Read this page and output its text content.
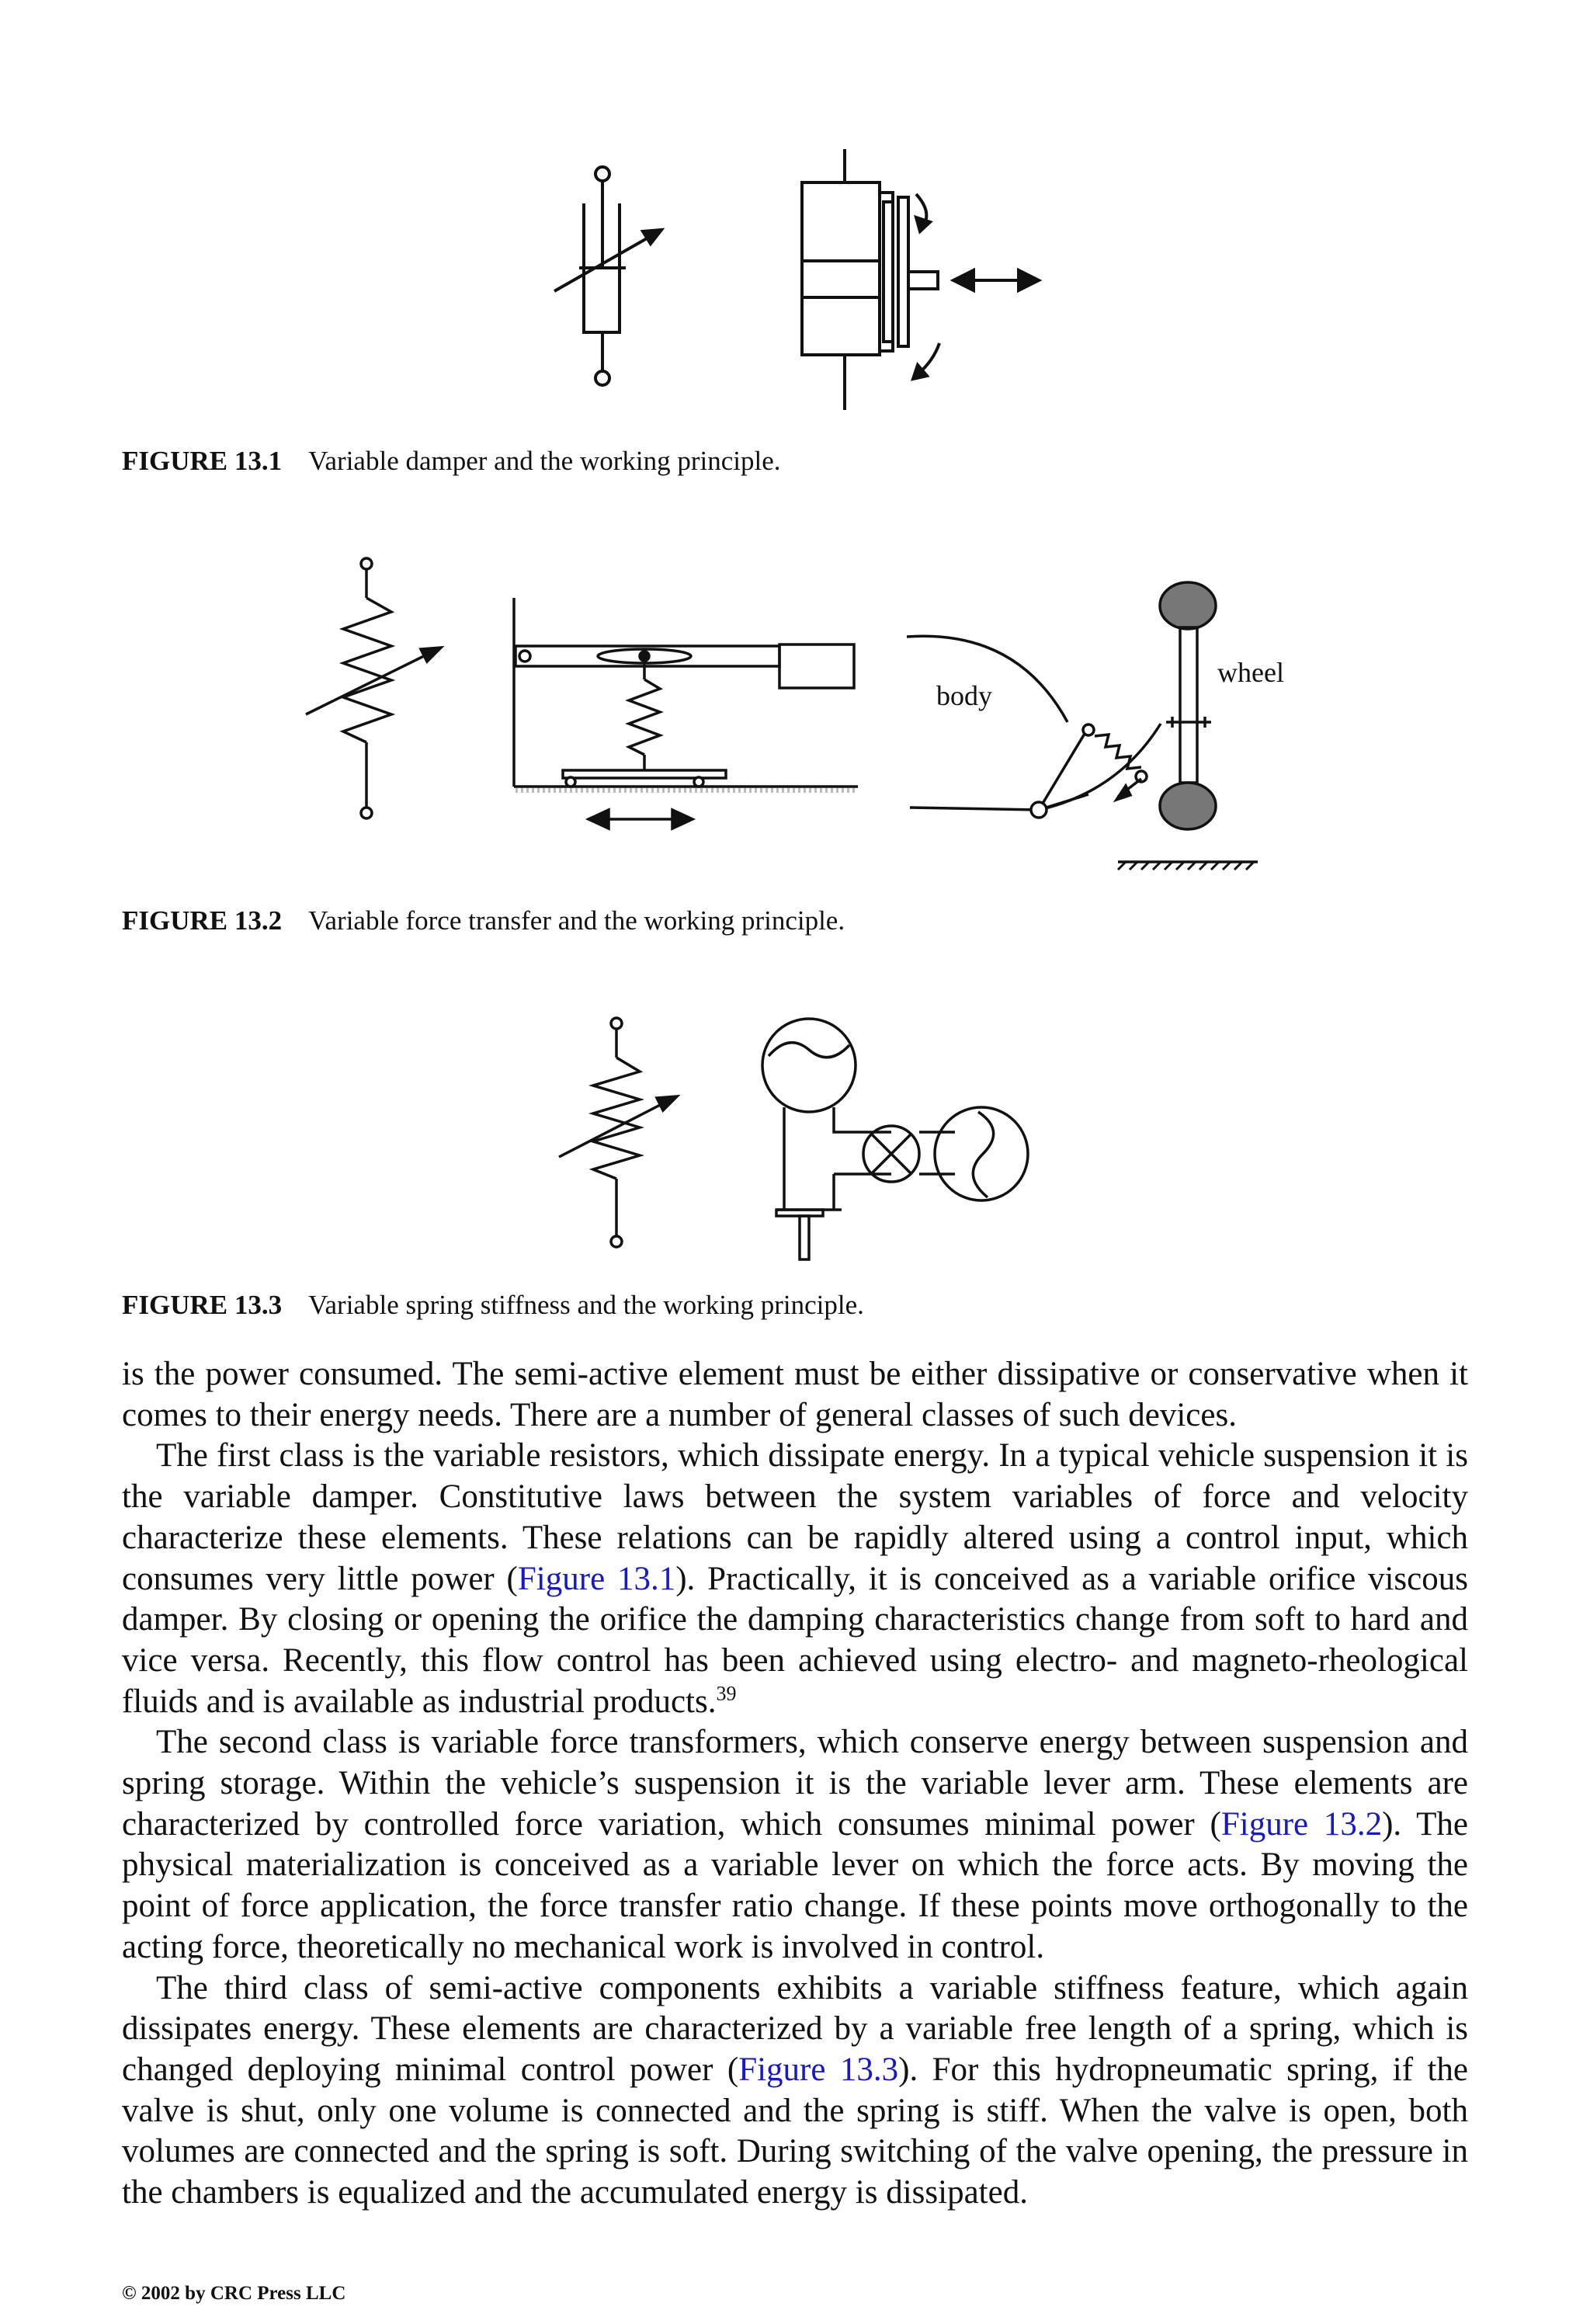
FIGURE 13.1 Variable damper and the working principle.
body
wheel
FIGURE 13.2 Variable force transfer and the working principle.
FIGURE 13.3 Variable spring stiffness and the working principle.

is the power consumed. The semi-active element must be either dissipative or conservative when it comes to their energy needs. There are a number of general classes of such devices.

The first class is the variable resistors, which dissipate energy. In a typical vehicle suspension it is the variable damper. Constitutive laws between the system variables of force and velocity characterize these elements. These relations can be rapidly altered using a control input, which consumes very little power (Figure 13.1). Practically, it is conceived as a variable orifice viscous damper. By closing or opening the orifice the damping characteristics change from soft to hard and vice versa. Recently, this flow control has been achieved using electro- and magneto-rheological fluids and is available as industrial products.$^{39}$

The second class is variable force transformers, which conserve energy between suspension and spring storage. Within the vehicle’s suspension it is the variable lever arm. These elements are characterized by controlled force variation, which consumes minimal power (Figure 13.2). The physical materialization is conceived as a variable lever on which the force acts. By moving the point of force application, the force transfer ratio change. If these points move orthogonally to the acting force, theoretically no mechanical work is involved in control.

The third class of semi-active components exhibits a variable stiffness feature, which again dissipates energy. These elements are characterized by a variable free length of a spring, which is changed deploying minimal control power (Figure 13.3). For this hydropneumatic spring, if the valve is shut, only one volume is connected and the spring is stiff. When the valve is open, both volumes are connected and the spring is soft. During switching of the valve opening, the pressure in the chambers is equalized and the accumulated energy is dissipated.

© 2002 by CRC Press LLC
